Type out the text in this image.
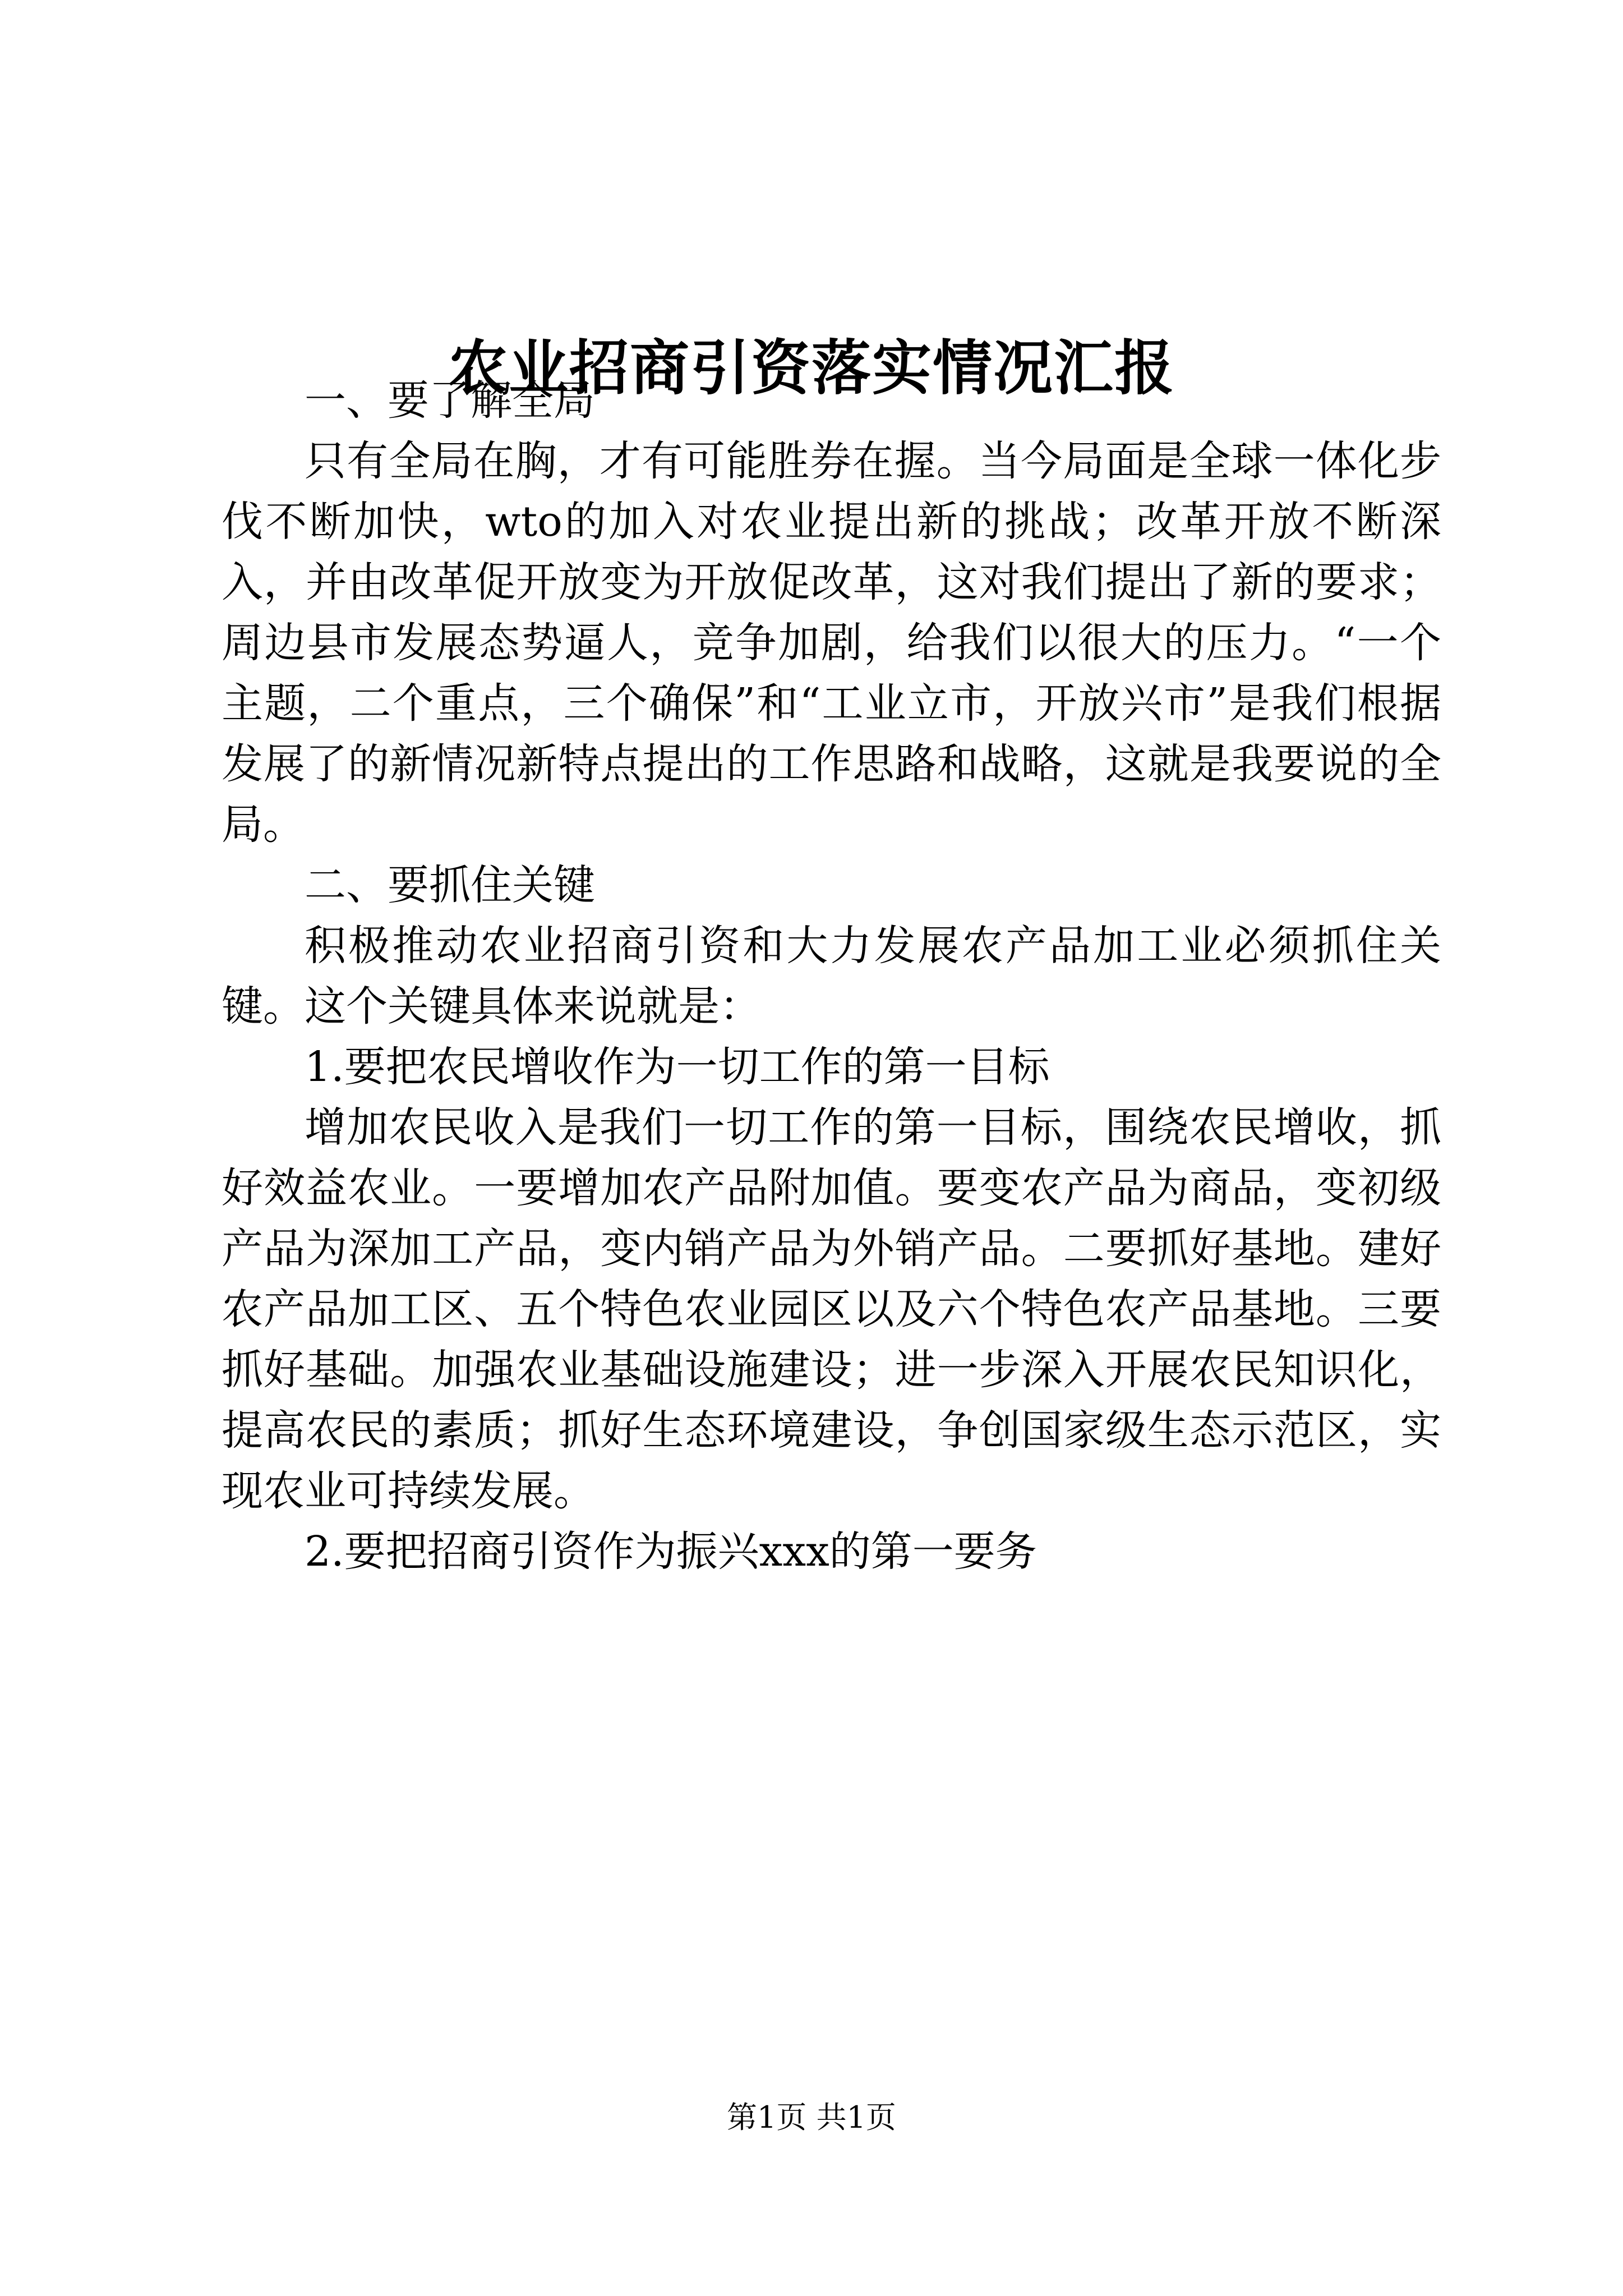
农业招商引资落实情况汇报

一、要了解全局

只有全局在胸，才有可能胜券在握。当今局面是全球一体化步伐不断加快，wto的加入对农业提出新的挑战；改革开放不断深入，并由改革促开放变为开放促改革，这对我们提出了新的要求；周边县市发展态势逼人，竞争加剧，给我们以很大的压力。“一个主题，二个重点，三个确保”和“工业立市，开放兴市”是我们根据发展了的新情况新特点提出的工作思路和战略，这就是我要说的全局。

二、要抓住关键

积极推动农业招商引资和大力发展农产品加工业必须抓住关键。这个关键具体来说就是：

1.要把农民增收作为一切工作的第一目标

增加农民收入是我们一切工作的第一目标，围绕农民增收，抓好效益农业。一要增加农产品附加值。要变农产品为商品，变初级产品为深加工产品，变内销产品为外销产品。二要抓好基地。建好农产品加工区、五个特色农业园区以及六个特色农产品基地。三要抓好基础。加强农业基础设施建设；进一步深入开展农民知识化，提高农民的素质；抓好生态环境建设，争创国家级生态示范区，实现农业可持续发展。

2.要把招商引资作为振兴xxx的第一要务

第1页 共1页
